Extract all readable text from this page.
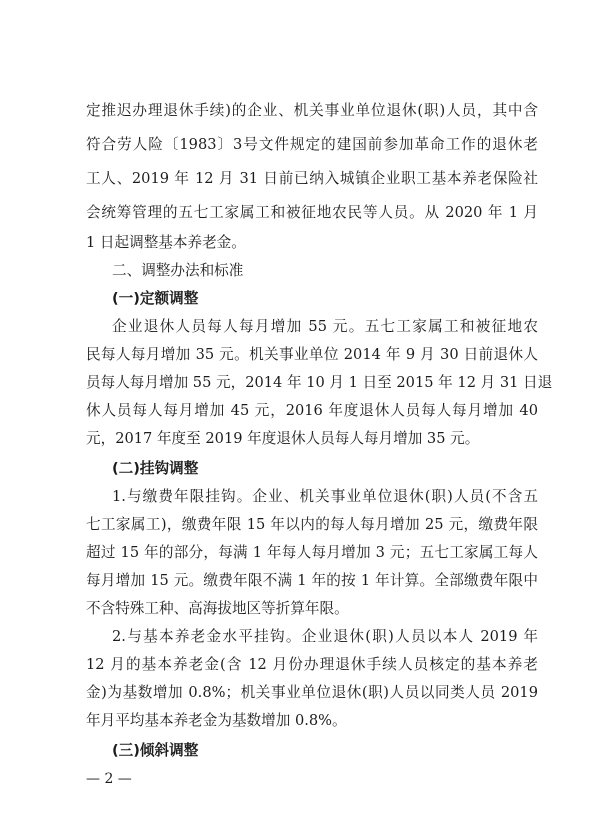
定推迟办理退休手续)的企业、机关事业单位退休(职)人员，其中含
符合劳人险〔1983〕3号文件规定的建国前参加革命工作的退休老
工人、2019 年 12 月 31 日前已纳入城镇企业职工基本养老保险社
会统筹管理的五七工家属工和被征地农民等人员。从 2020 年 1 月
1 日起调整基本养老金。
二、调整办法和标准
(一)定额调整
企业退休人员每人每月增加 55 元。五七工家属工和被征地农
民每人每月增加 35 元。机关事业单位 2014 年 9 月 30 日前退休人
员每人每月增加 55 元，2014 年 10 月 1 日至 2015 年 12 月 31 日退
休人员每人每月增加 45 元，2016 年度退休人员每人每月增加 40
元，2017 年度至 2019 年度退休人员每人每月增加 35 元。
(二)挂钩调整
1.与缴费年限挂钩。企业、机关事业单位退休(职)人员(不含五
七工家属工)，缴费年限 15 年以内的每人每月增加 25 元，缴费年限
超过 15 年的部分，每满 1 年每人每月增加 3 元；五七工家属工每人
每月增加 15 元。缴费年限不满 1 年的按 1 年计算。全部缴费年限中
不含特殊工种、高海拔地区等折算年限。
2.与基本养老金水平挂钩。企业退休(职)人员以本人 2019 年
12 月的基本养老金(含 12 月份办理退休手续人员核定的基本养老
金)为基数增加 0.8%；机关事业单位退休(职)人员以同类人员 2019
年月平均基本养老金为基数增加 0.8%。
(三)倾斜调整
— 2 —
